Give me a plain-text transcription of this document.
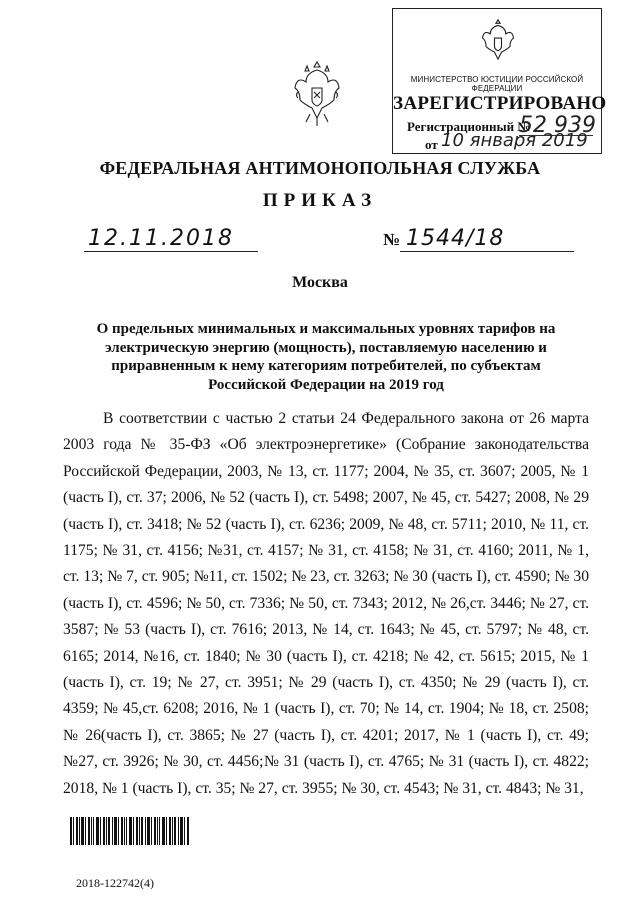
МИНИСТЕРСТВО ЮСТИЦИИ РОССИЙСКОЙ ФЕДЕРАЦИИ
ЗАРЕГИСТРИРОВАНО
Регистрационный №
52 939
от 10 января 2019
ФЕДЕРАЛЬНАЯ АНТИМОНОПОЛЬНАЯ СЛУЖБА
ПРИКАЗ
12.11.2018	№ 1544/18
Москва
О предельных минимальных и максимальных уровнях тарифов на электрическую энергию (мощность), поставляемую населению и приравненным к нему категориям потребителей, по субъектам Российской Федерации на 2019 год
В соответствии с частью 2 статьи 24 Федерального закона от 26 марта 2003 года № 35-ФЗ «Об электроэнергетике» (Собрание законодательства Российской Федерации, 2003, № 13, ст. 1177; 2004, № 35, ст. 3607; 2005, № 1 (часть I), ст. 37; 2006, № 52 (часть I), ст. 5498; 2007, № 45, ст. 5427; 2008, № 29 (часть I), ст. 3418; № 52 (часть I), ст. 6236; 2009, № 48, ст. 5711; 2010, № 11, ст. 1175; № 31, ст. 4156; №31, ст. 4157; № 31, ст. 4158; № 31, ст. 4160; 2011, № 1, ст. 13; № 7, ст. 905; №11, ст. 1502; № 23, ст. 3263; № 30 (часть I), ст. 4590; № 30 (часть I), ст. 4596; № 50, ст. 7336; № 50, ст. 7343; 2012, № 26,ст. 3446; № 27, ст. 3587; № 53 (часть I), ст. 7616; 2013, № 14, ст. 1643; № 45, ст. 5797; № 48, ст. 6165; 2014, №16, ст. 1840; № 30 (часть I), ст. 4218; № 42, ст. 5615; 2015, № 1 (часть I), ст. 19; № 27, ст. 3951; № 29 (часть I), ст. 4350; № 29 (часть I), ст. 4359; № 45,ст. 6208; 2016, № 1 (часть I), ст. 70; № 14, ст. 1904; № 18, ст. 2508; № 26(часть I), ст. 3865; № 27 (часть I), ст. 4201; 2017, № 1 (часть I), ст. 49; №27, ст. 3926; № 30, ст. 4456;№ 31 (часть I), ст. 4765; № 31 (часть I), ст. 4822; 2018, № 1 (часть I), ст. 35; № 27, ст. 3955; № 30, ст. 4543; № 31, ст. 4843; № 31,
2018-122742(4)
